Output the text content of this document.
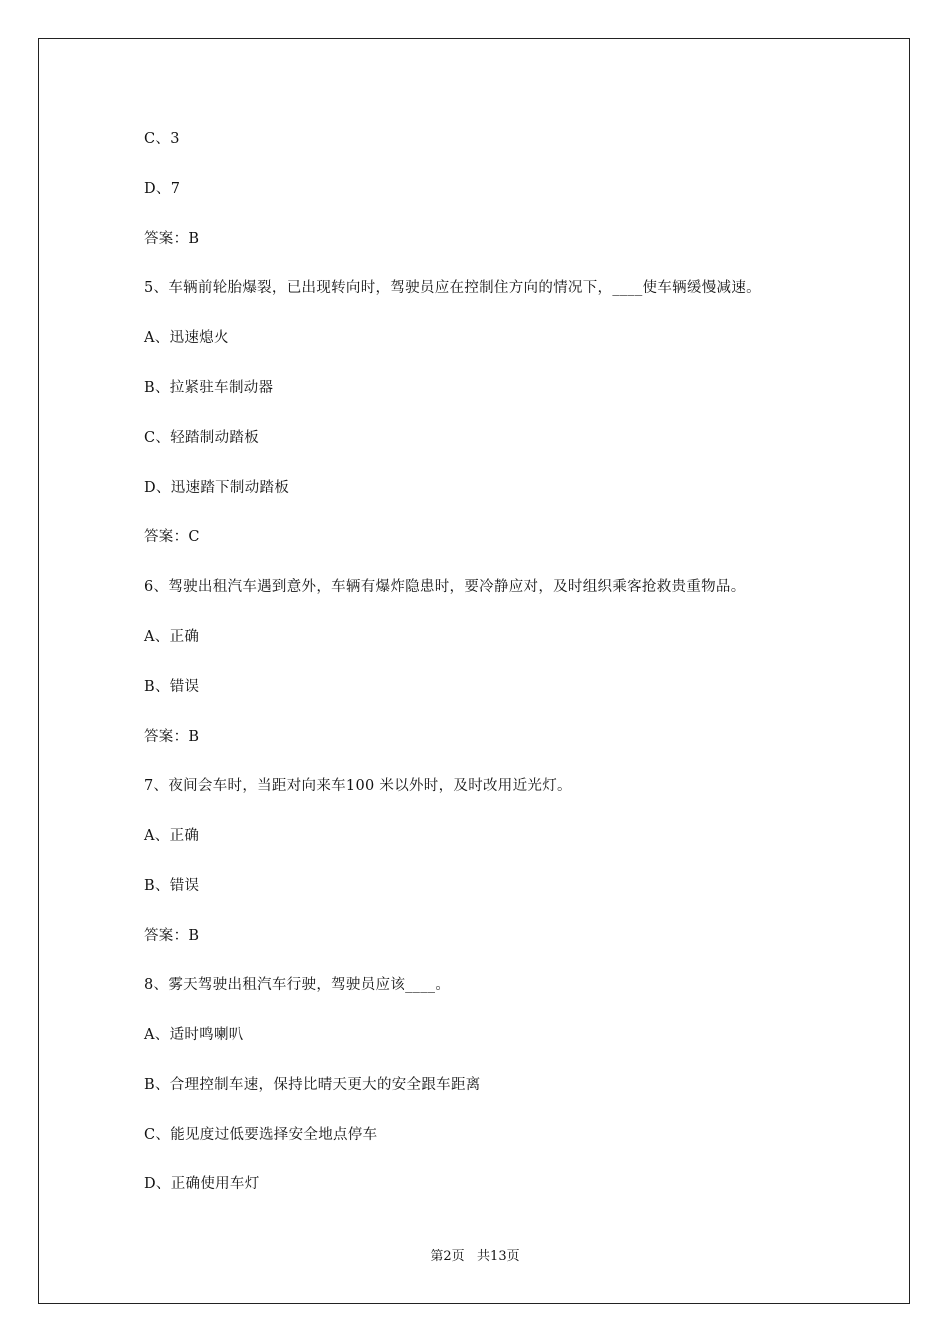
C、3
D、7
答案：B
5、车辆前轮胎爆裂，已出现转向时，驾驶员应在控制住方向的情况下，____使车辆缓慢减速。
A、迅速熄火
B、拉紧驻车制动器
C、轻踏制动踏板
D、迅速踏下制动踏板
答案：C
6、驾驶出租汽车遇到意外，车辆有爆炸隐患时，要冷静应对，及时组织乘客抢救贵重物品。
A、正确
B、错误
答案：B
7、夜间会车时，当距对向来车100 米以外时，及时改用近光灯。
A、正确
B、错误
答案：B
8、雾天驾驶出租汽车行驶，驾驶员应该____。
A、适时鸣喇叭
B、合理控制车速，保持比晴天更大的安全跟车距离
C、能见度过低要选择安全地点停车
D、正确使用车灯
第2页   共13页
